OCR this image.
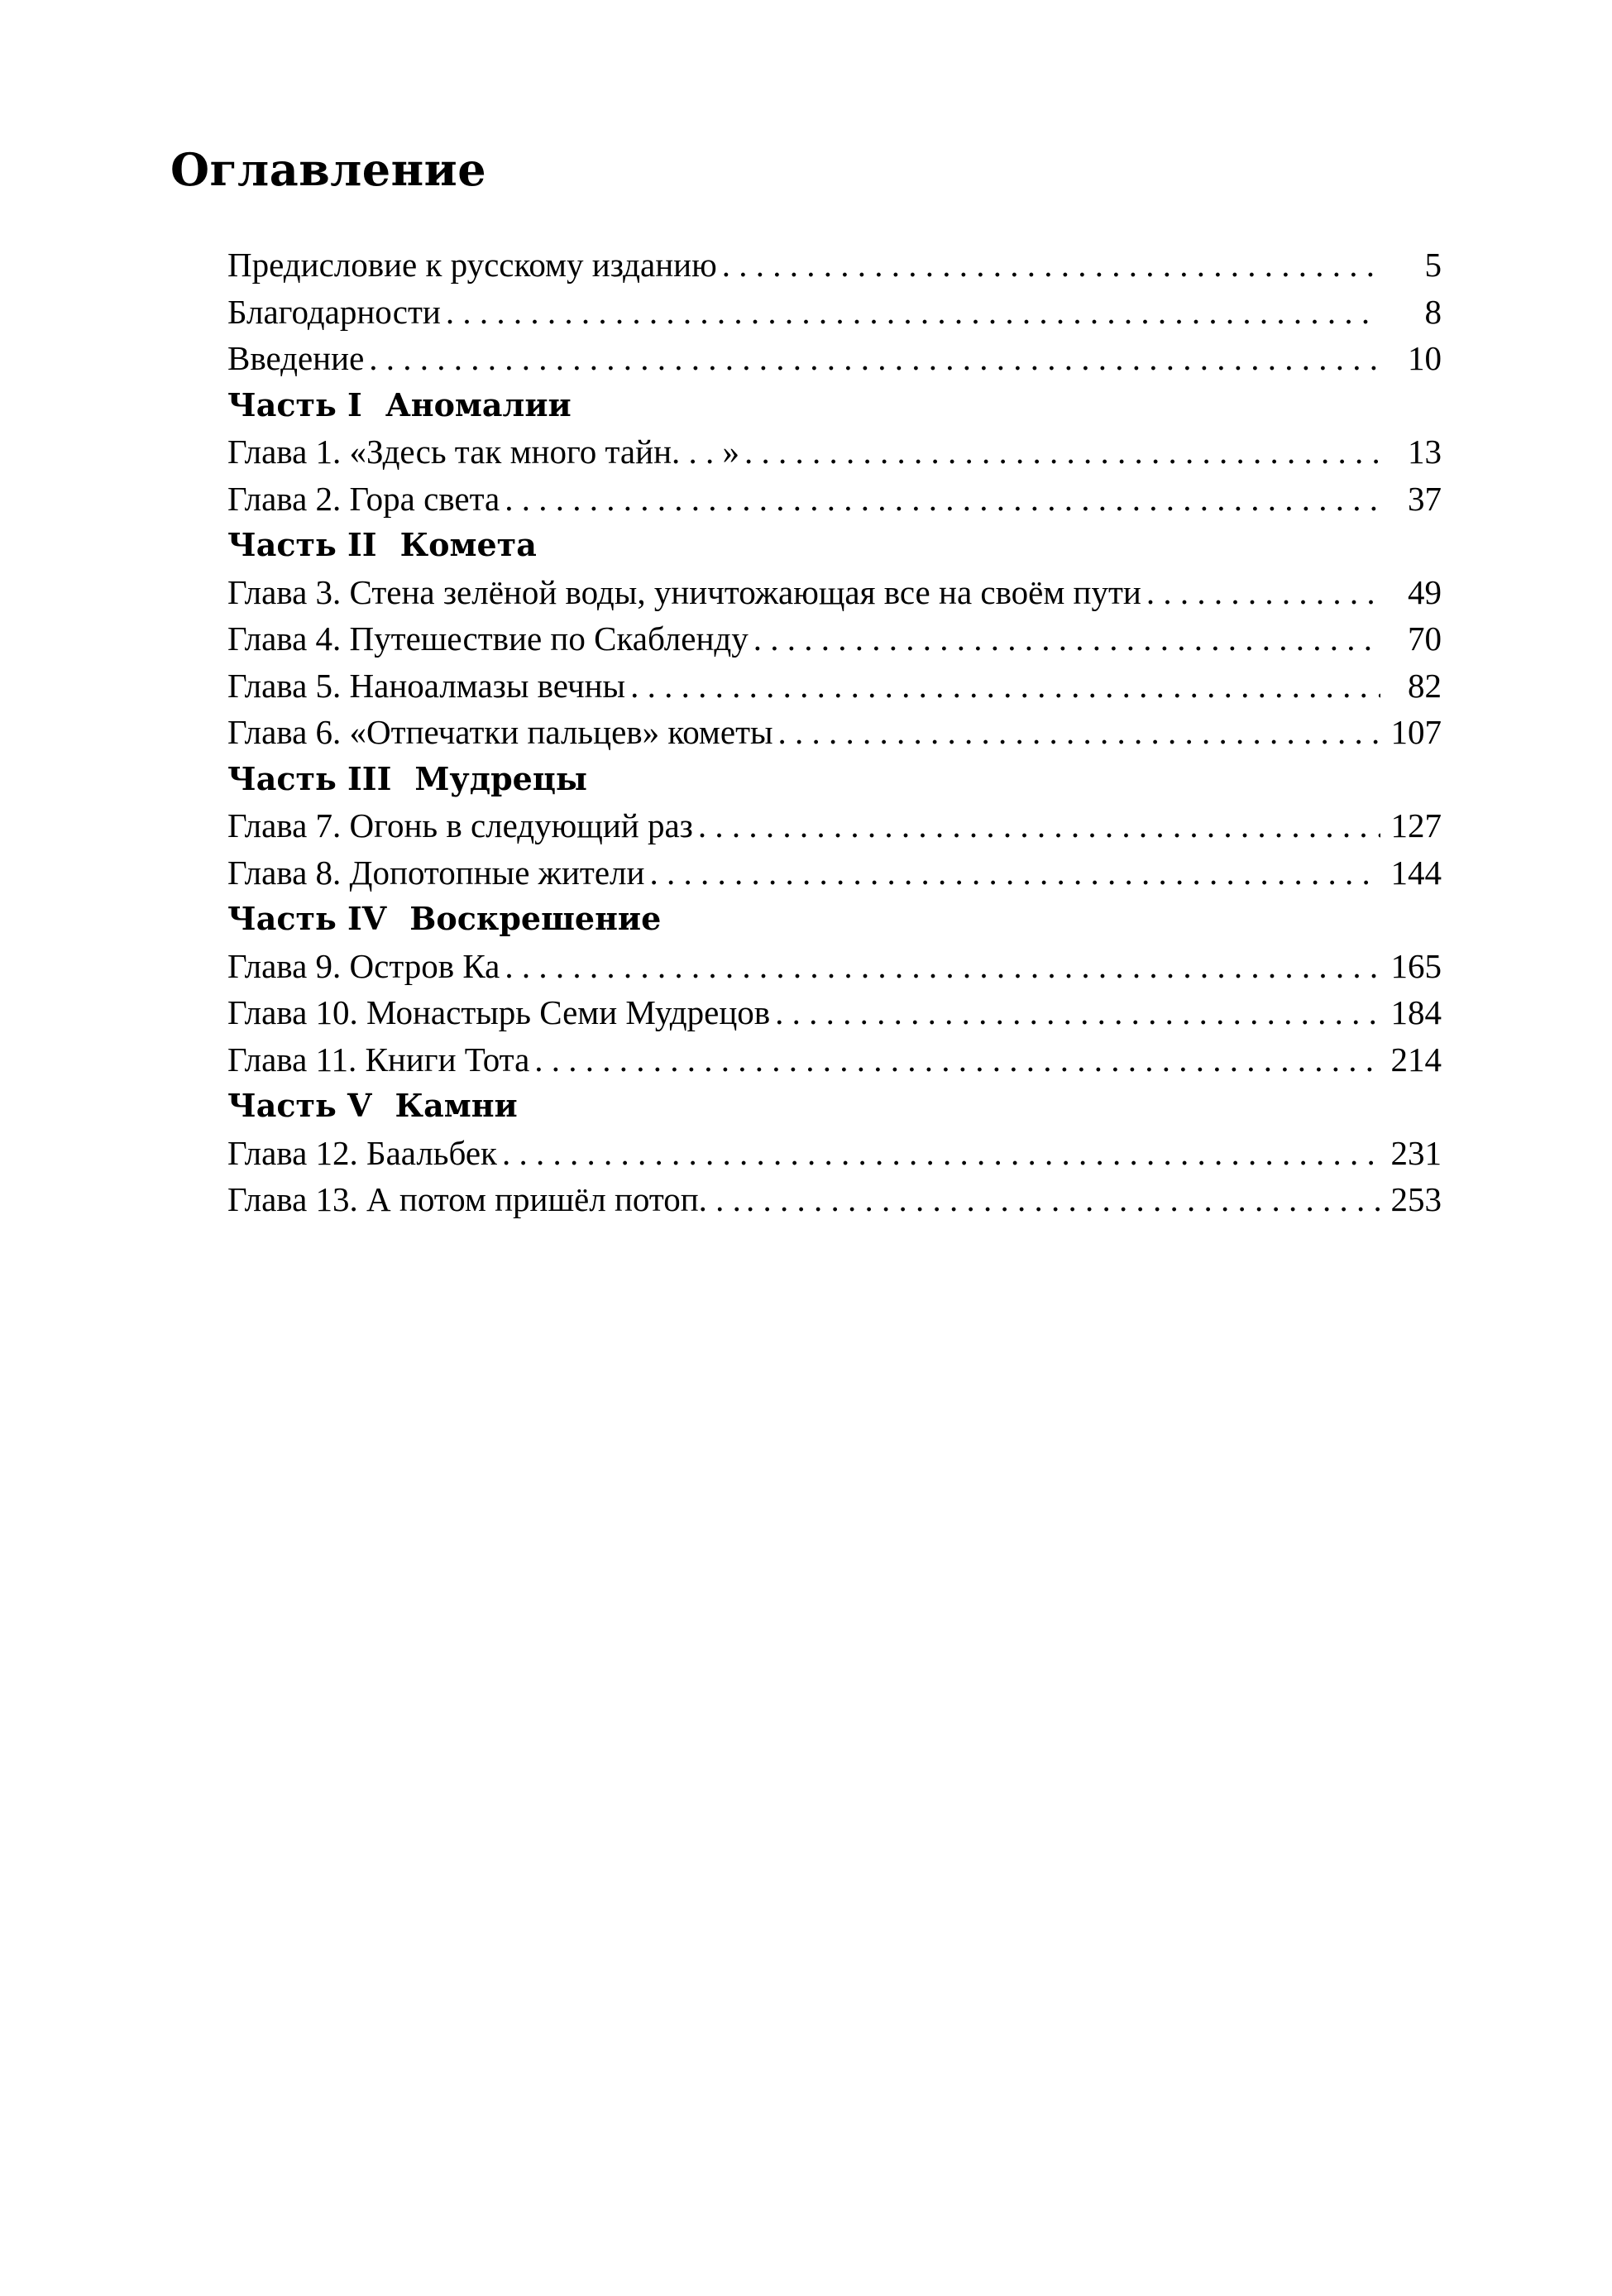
Оглавление
Предисловие к русскому изданию . . .	5
Благодарности . . .	8
Введение . . .	10
Часть I Аномалии
Глава 1. «Здесь так много тайн. . . » . . .	13
Глава 2. Гора света . . .	37
Часть II Комета
Глава 3. Стена зелёной воды, уничтожающая все на своём пути . . .	49
Глава 4. Путешествие по Скабленду . . .	70
Глава 5. Наноалмазы вечны . . .	82
Глава 6. «Отпечатки пальцев» кометы . . .	107
Часть III Мудрецы
Глава 7. Огонь в следующий раз . . .	127
Глава 8. Допотопные жители . . .	144
Часть IV Воскрешение
Глава 9. Остров Ка . . .	165
Глава 10. Монастырь Семи Мудрецов . . .	184
Глава 11. Книги Тота . . .	214
Часть V Камни
Глава 12. Баальбек . . .	231
Глава 13. А потом пришёл потоп. . . . . .	253
